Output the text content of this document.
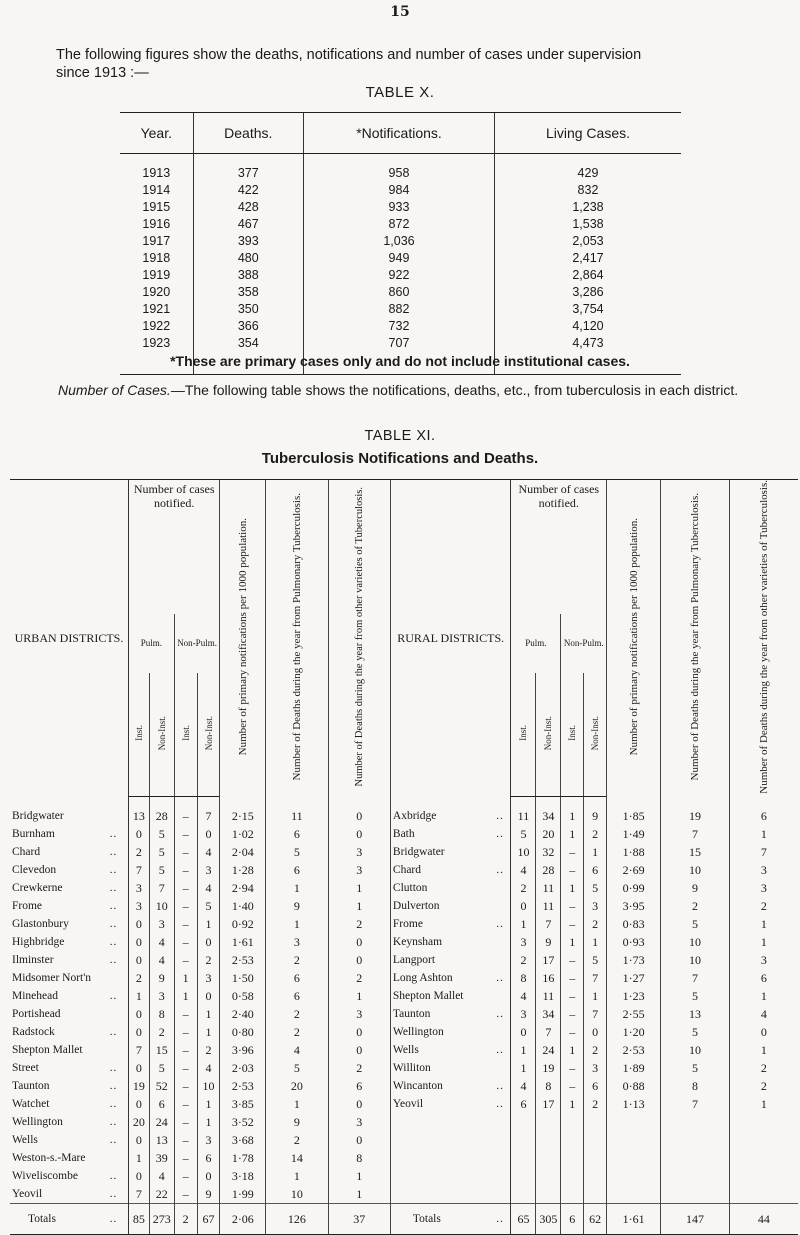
15
The following figures show the deaths, notifications and number of cases under supervision
since 1913 :—
TABLE X.
Year.	Deaths.	*Notifications.	Living Cases.
1913	377	958	429
1914	422	984	832
1915	428	933	1,238
1916	467	872	1,538
1917	393	1,036	2,053
1918	480	949	2,417
1919	388	922	2,864
1920	358	860	3,286
1921	350	882	3,754
1922	366	732	4,120
1923	354	707	4,473
*These are primary cases only and do not include institutional cases.
Number of Cases.—The following table shows the notifications, deaths, etc., from tuberculosis in each district.
TABLE XI.
Tuberculosis Notifications and Deaths.
URBAN DISTRICTS.		Number of cases notified.				Number of primary notifications per 1000 population.	Number of Deaths during the year from Pulmonary Tuberculosis.	Number of Deaths during the year from other varieties of Tuberculosis.	RURAL DISTRICTS.		Number of cases notified.				Number of primary notifications per 1000 population.	Number of Deaths during the year from Pulmonary Tuberculosis.	Number of Deaths during the year from other varieties of Tuberculosis.
		Pulm.		Non-Pulm.							Pulm.		Non-Pulm.				
		Inst.	Non-Inst.	Inst.	Non-Inst.						Inst.	Non-Inst.	Inst.	Non-Inst.			
Bridgwater		13	28	–	7	2·15	11	0	Axbridge	..	11	34	1	9	1·85	19	6
Burnham	..	0	5	–	0	1·02	6	0	Bath	..	5	20	1	2	1·49	7	1
Chard	..	2	5	–	4	2·04	5	3	Bridgwater		10	32	–	1	1·88	15	7
Clevedon	..	7	5	–	3	1·28	6	3	Chard	..	4	28	–	6	2·69	10	3
Crewkerne	..	3	7	–	4	2·94	1	1	Clutton		2	11	1	5	0·99	9	3
Frome	..	3	10	–	5	1·40	9	1	Dulverton		0	11	–	3	3·95	2	2
Glastonbury	..	0	3	–	1	0·92	1	2	Frome	..	1	7	–	2	0·83	5	1
Highbridge	..	0	4	–	0	1·61	3	0	Keynsham		3	9	1	1	0·93	10	1
Ilminster	..	0	4	–	2	2·53	2	0	Langport		2	17	–	5	1·73	10	3
Midsomer Nort'n		2	9	1	3	1·50	6	2	Long Ashton	..	8	16	–	7	1·27	7	6
Minehead	..	1	3	1	0	0·58	6	1	Shepton Mallet		4	11	–	1	1·23	5	1
Portishead		0	8	–	1	2·40	2	3	Taunton	..	3	34	–	7	2·55	13	4
Radstock	..	0	2	–	1	0·80	2	0	Wellington		0	7	–	0	1·20	5	0
Shepton Mallet		7	15	–	2	3·96	4	0	Wells	..	1	24	1	2	2·53	10	1
Street	..	0	5	–	4	2·03	5	2	Williton		1	19	–	3	1·89	5	2
Taunton	..	19	52	–	10	2·53	20	6	Wincanton	..	4	8	–	6	0·88	8	2
Watchet	..	0	6	–	1	3·85	1	0	Yeovil	..	6	17	1	2	1·13	7	1
Wellington	..	20	24	–	1	3·52	9	3									
Wells	..	0	13	–	3	3·68	2	0									
Weston-s.-Mare		1	39	–	6	1·78	14	8									
Wiveliscombe	..	0	4	–	0	3·18	1	1									
Yeovil	..	7	22	–	9	1·99	10	1									
Totals	..	85	273	2	67	2·06	126	37	Totals	..	65	305	6	62	1·61	147	44
